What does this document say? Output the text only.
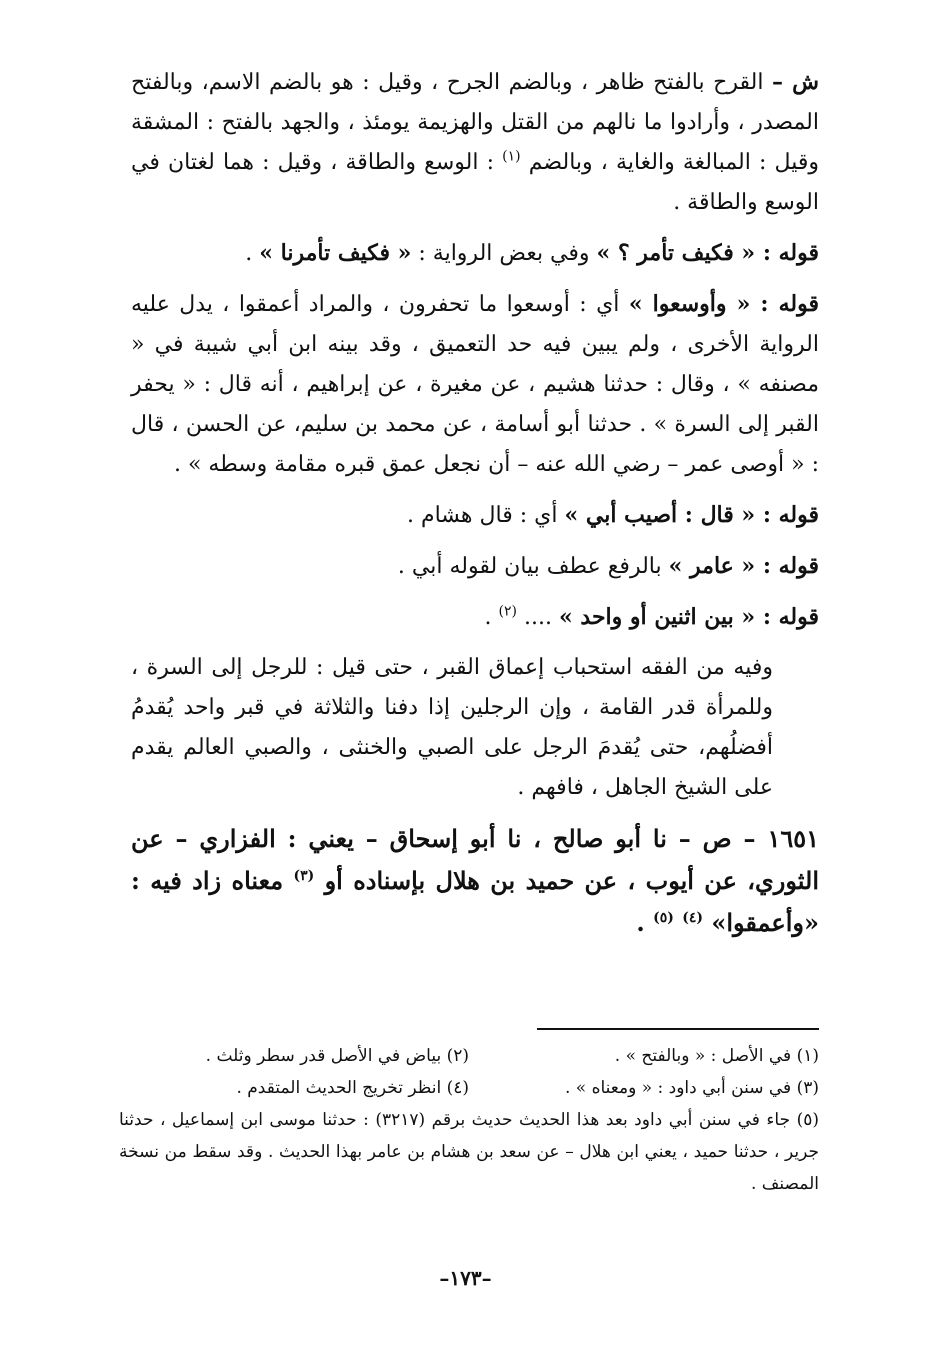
ش – القرح بالفتح ظاهر ، وبالضم الجرح ، وقيل : هو بالضم الاسم، وبالفتح المصدر ، وأرادوا ما نالهم من القتل والهزيمة يومئذ ، والجهد بالفتح : المشقة وقيل : المبالغة والغاية ، وبالضم $^{(١)}$ : الوسع والطاقة ، وقيل : هما لغتان في الوسع والطاقة .

قوله : « فكيف تأمر ؟ » وفي بعض الرواية : « فكيف تأمرنا » .

قوله : « وأوسعوا » أي : أوسعوا ما تحفرون ، والمراد أعمقوا ، يدل عليه الرواية الأخرى ، ولم يبين فيه حد التعميق ، وقد بينه ابن أبي شيبة في « مصنفه » ، وقال : حدثنا هشيم ، عن مغيرة ، عن إبراهيم ، أنه قال : « يحفر القبر إلى السرة » . حدثنا أبو أسامة ، عن محمد بن سليم، عن الحسن ، قال : « أوصى عمر – رضي الله عنه – أن نجعل عمق قبره مقامة وسطه » .

قوله : « قال : أصيب أبي » أي : قال هشام .

قوله : « عامر » بالرفع عطف بيان لقوله أبي .

قوله : « بين اثنين أو واحد » .... $^{(٢)}$ .

وفيه من الفقه استحباب إعماق القبر ، حتى قيل : للرجل إلى السرة ، وللمرأة قدر القامة ، وإن الرجلين إذا دفنا والثلاثة في قبر واحد يُقدمُ أفضلُهم، حتى يُقدمَ الرجل على الصبي والخنثى ، والصبي العالم يقدم على الشيخ الجاهل ، فافهم .

١٦٥١ – ص – نا أبو صالح ، نا أبو إسحاق – يعني : الفزاري – عن الثوري، عن أيوب ، عن حميد بن هلال بإسناده أو $^{(٣)}$ معناه زاد فيه : «وأعمقوا» $^{(٤)}$ $^{(٥)}$ .

(١) في الأصل : « وبالفتح » .
(٢) بياض في الأصل قدر سطر وثلث .
(٣) في سنن أبي داود : « ومعناه » .
(٤) انظر تخريج الحديث المتقدم .
(٥) جاء في سنن أبي داود بعد هذا الحديث حديث برقم (٣٢١٧) : حدثنا موسى ابن إسماعيل ، حدثنا جرير ، حدثنا حميد ، يعني ابن هلال – عن سعد بن هشام بن عامر بهذا الحديث . وقد سقط من نسخة المصنف .
–١٧٣–
